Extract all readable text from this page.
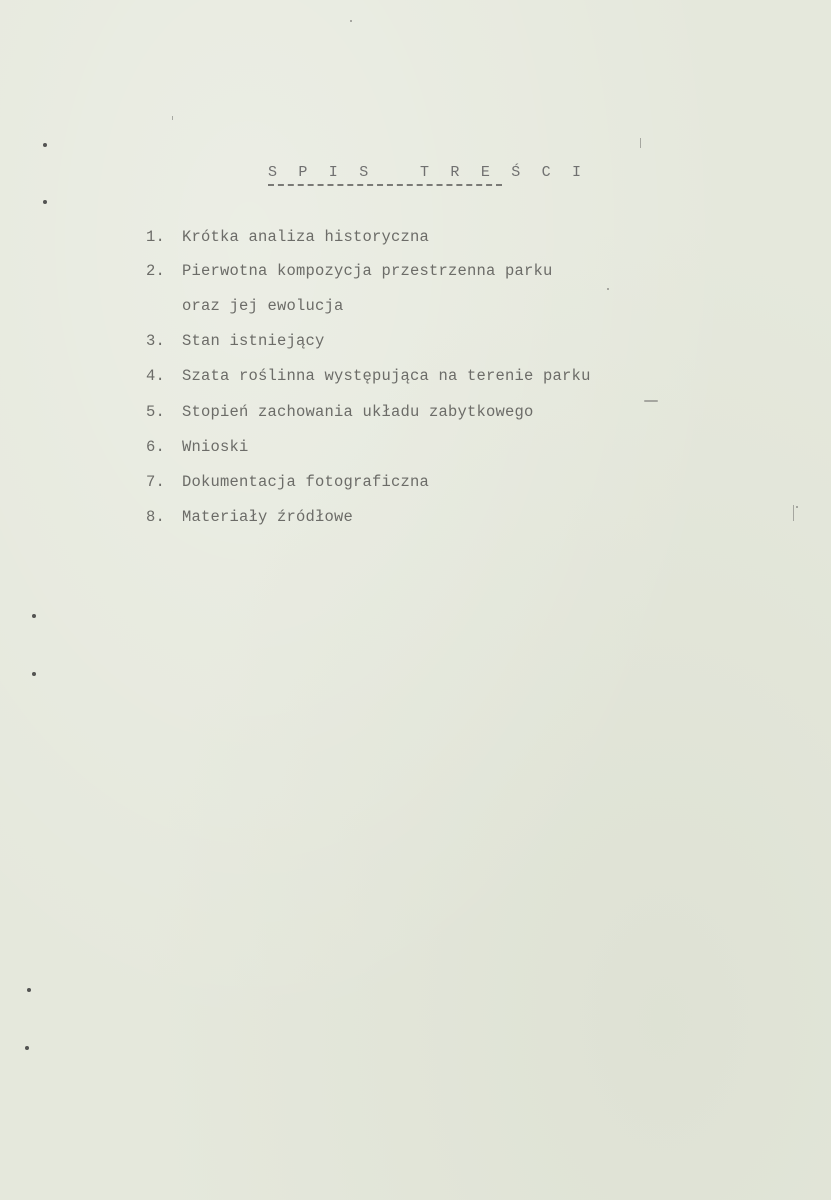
S P I S   T R E Ś C I
1. Krótka analiza historyczna
2. Pierwotna kompozycja przestrzenna parku
oraz jej ewolucja
3. Stan istniejący
4. Szata roślinna występująca na terenie parku
5. Stopień zachowania układu zabytkowego
6. Wnioski
7. Dokumentacja fotograficzna
8. Materiały źródłowe
